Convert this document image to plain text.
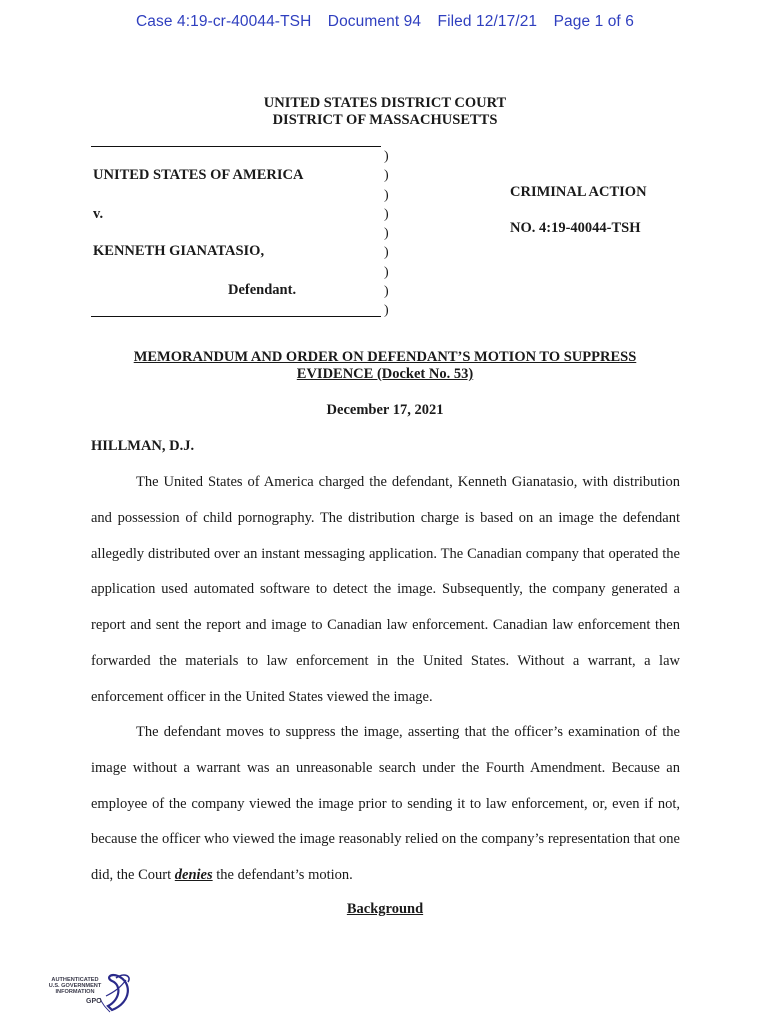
Case 4:19-cr-40044-TSH Document 94 Filed 12/17/21 Page 1 of 6
UNITED STATES DISTRICT COURT
DISTRICT OF MASSACHUSETTS
UNITED STATES OF AMERICA
v.
KENNETH GIANATASIO,
Defendant.
)
)
)
)
)
)
)
)
)
CRIMINAL ACTION
NO. 4:19-40044-TSH
MEMORANDUM AND ORDER ON DEFENDANT’S MOTION TO SUPPRESS
EVIDENCE (Docket No. 53)
December 17, 2021
HILLMAN, D.J.

The United States of America charged the defendant, Kenneth Gianatasio, with distribution and possession of child pornography. The distribution charge is based on an image the defendant allegedly distributed over an instant messaging application. The Canadian company that operated the application used automated software to detect the image. Subsequently, the company generated a report and sent the report and image to Canadian law enforcement. Canadian law enforcement then forwarded the materials to law enforcement in the United States. Without a warrant, a law enforcement officer in the United States viewed the image.

The defendant moves to suppress the image, asserting that the officer’s examination of the image without a warrant was an unreasonable search under the Fourth Amendment. Because an employee of the company viewed the image prior to sending it to law enforcement, or, even if not, because the officer who viewed the image reasonably relied on the company’s representation that one did, the Court denies the defendant’s motion.

Background
AUTHENTICATED
U.S. GOVERNMENT
INFORMATION
GPO
